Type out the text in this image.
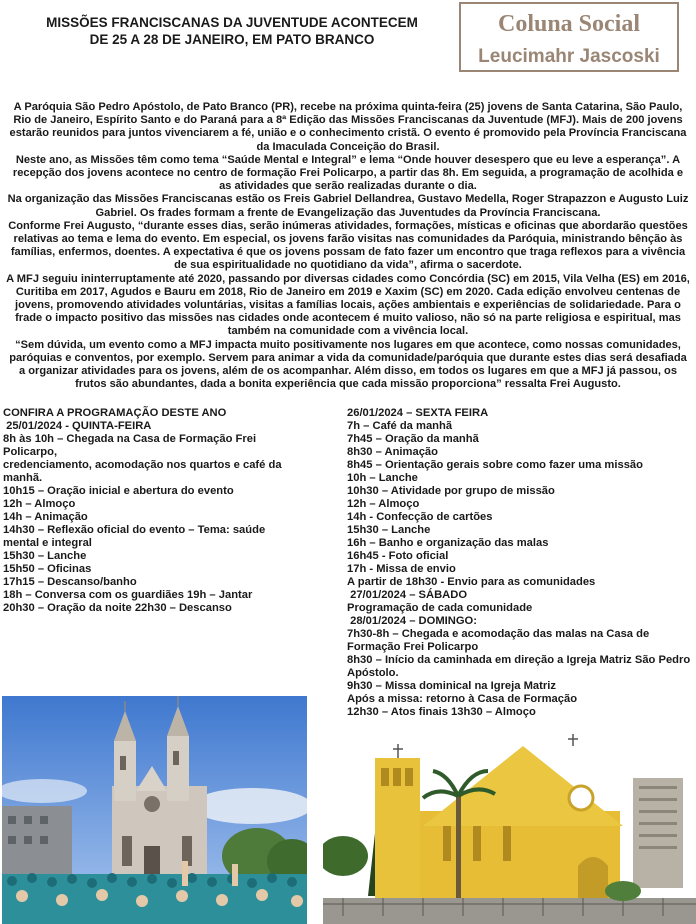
MISSÕES FRANCISCANAS DA JUVENTUDE ACONTECEM
DE 25 A 28 DE JANEIRO, EM PATO BRANCO
Coluna Social
Leucimahr Jascoski

A Paróquia São Pedro Apóstolo, de Pato Branco (PR), recebe na próxima quinta-feira (25) jovens de Santa Catarina, São Paulo, Rio de Janeiro, Espírito Santo e do Paraná para a 8ª Edição das Missões Franciscanas da Juventude (MFJ). Mais de 200 jovens estarão reunidos para juntos vivenciarem a fé, união e o conhecimento cristã. O evento é promovido pela Província Franciscana da Imaculada Conceição do Brasil.

Neste ano, as Missões têm como tema “Saúde Mental e Integral” e lema “Onde houver desespero que eu leve a esperança”. A recepção dos jovens acontece no centro de formação Frei Policarpo, a partir das 8h. Em seguida, a programação de acolhida e as atividades que serão realizadas durante o dia.

Na organização das Missões Franciscanas estão os Freis Gabriel Dellandrea, Gustavo Medella, Roger Strapazzon e Augusto Luiz Gabriel. Os frades formam a frente de Evangelização das Juventudes da Província Franciscana.

Conforme Frei Augusto, “durante esses dias, serão inúmeras atividades, formações, místicas e oficinas que abordarão questões relativas ao tema e lema do evento. Em especial, os jovens farão visitas nas comunidades da Paróquia, ministrando bênção às famílias, enfermos, doentes. A expectativa é que os jovens possam de fato fazer um encontro que traga reflexos para a vivência de sua espiritualidade no quotidiano da vida”, afirma o sacerdote.

A MFJ seguiu ininterruptamente até 2020, passando por diversas cidades como Concórdia (SC) em 2015, Vila Velha (ES) em 2016, Curitiba em 2017, Agudos e Bauru em 2018, Rio de Janeiro em 2019 e Xaxim (SC) em 2020. Cada edição envolveu centenas de jovens, promovendo atividades voluntárias, visitas a famílias locais, ações ambientais e experiências de solidariedade. Para o frade o impacto positivo das missões nas cidades onde acontecem é muito valioso, não só na parte religiosa e espiritual, mas também na comunidade com a vivência local.

“Sem dúvida, um evento como a MFJ impacta muito positivamente nos lugares em que acontece, como nossas comunidades, paróquias e conventos, por exemplo. Servem para animar a vida da comunidade/paróquia que durante estes dias será desafiada a organizar atividades para os jovens, além de os acompanhar. Além disso, em todos os lugares em que a MFJ já passou, os frutos são abundantes, dada a bonita experiência que cada missão proporciona” ressalta Frei Augusto.

CONFIRA A PROGRAMAÇÃO DESTE ANO
25/01/2024 - QUINTA-FEIRA
8h às 10h – Chegada na Casa de Formação Frei Policarpo,
credenciamento, acomodação nos quartos e café da manhã.
10h15 – Oração inicial e abertura do evento
12h – Almoço
14h – Animação
14h30 – Reflexão oficial do evento – Tema: saúde mental e integral
15h30 – Lanche
15h50 – Oficinas
17h15 – Descanso/banho
18h – Conversa com os guardiães 19h – Jantar
20h30 – Oração da noite 22h30 – Descanso
26/01/2024 – SEXTA FEIRA
7h – Café da manhã
7h45 – Oração da manhã
8h30 – Animação
8h45 – Orientação gerais sobre como fazer uma missão
10h – Lanche
10h30 – Atividade por grupo de missão
12h – Almoço
14h - Confecção de cartões
15h30 – Lanche
16h – Banho e organização das malas
16h45 - Foto oficial
17h - Missa de envio
A partir de 18h30 - Envio para as comunidades
27/01/2024 – SÁBADO
Programação de cada comunidade
28/01/2024 – DOMINGO:
7h30-8h – Chegada e acomodação das malas na Casa de Formação Frei Policarpo
8h30 – Início da caminhada em direção a Igreja Matriz São Pedro Apóstolo.
9h30 – Missa dominical na Igreja Matriz
Após a missa: retorno à Casa de Formação
12h30 – Atos finais 13h30 – Almoço
